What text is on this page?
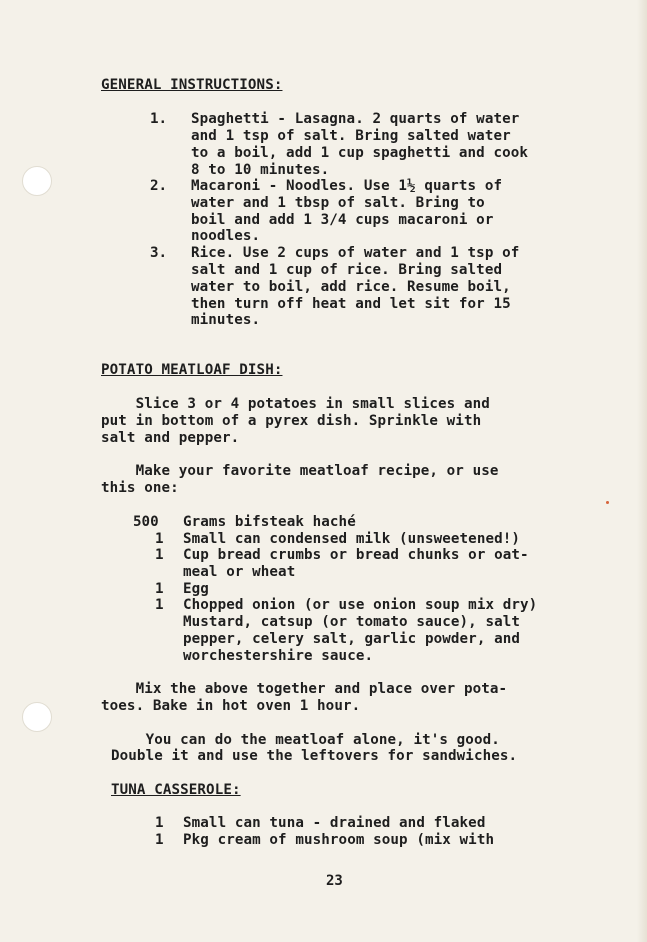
GENERAL INSTRUCTIONS:
1. Spaghetti - Lasagna. 2 quarts of water
and 1 tsp of salt. Bring salted water
to a boil, add 1 cup spaghetti and cook
8 to 10 minutes.
2. Macaroni - Noodles. Use 1½ quarts of
water and 1 tbsp of salt. Bring to
boil and add 1 3/4 cups macaroni or
noodles.
3. Rice. Use 2 cups of water and 1 tsp of
salt and 1 cup of rice. Bring salted
water to boil, add rice. Resume boil,
then turn off heat and let sit for 15
minutes.
POTATO MEATLOAF DISH:
Slice 3 or 4 potatoes in small slices and
put in bottom of a pyrex dish. Sprinkle with
salt and pepper.
Make your favorite meatloaf recipe, or use
this one:
500 Grams bifsteak haché
1 Small can condensed milk (unsweetened!)
1 Cup bread crumbs or bread chunks or oat-
meal or wheat
1 Egg
1 Chopped onion (or use onion soup mix dry)
Mustard, catsup (or tomato sauce), salt
pepper, celery salt, garlic powder, and
worchestershire sauce.
Mix the above together and place over pota-
toes. Bake in hot oven 1 hour.
You can do the meatloaf alone, it's good.
Double it and use the leftovers for sandwiches.
TUNA CASSEROLE:
1 Small can tuna - drained and flaked
1 Pkg cream of mushroom soup (mix with
23
